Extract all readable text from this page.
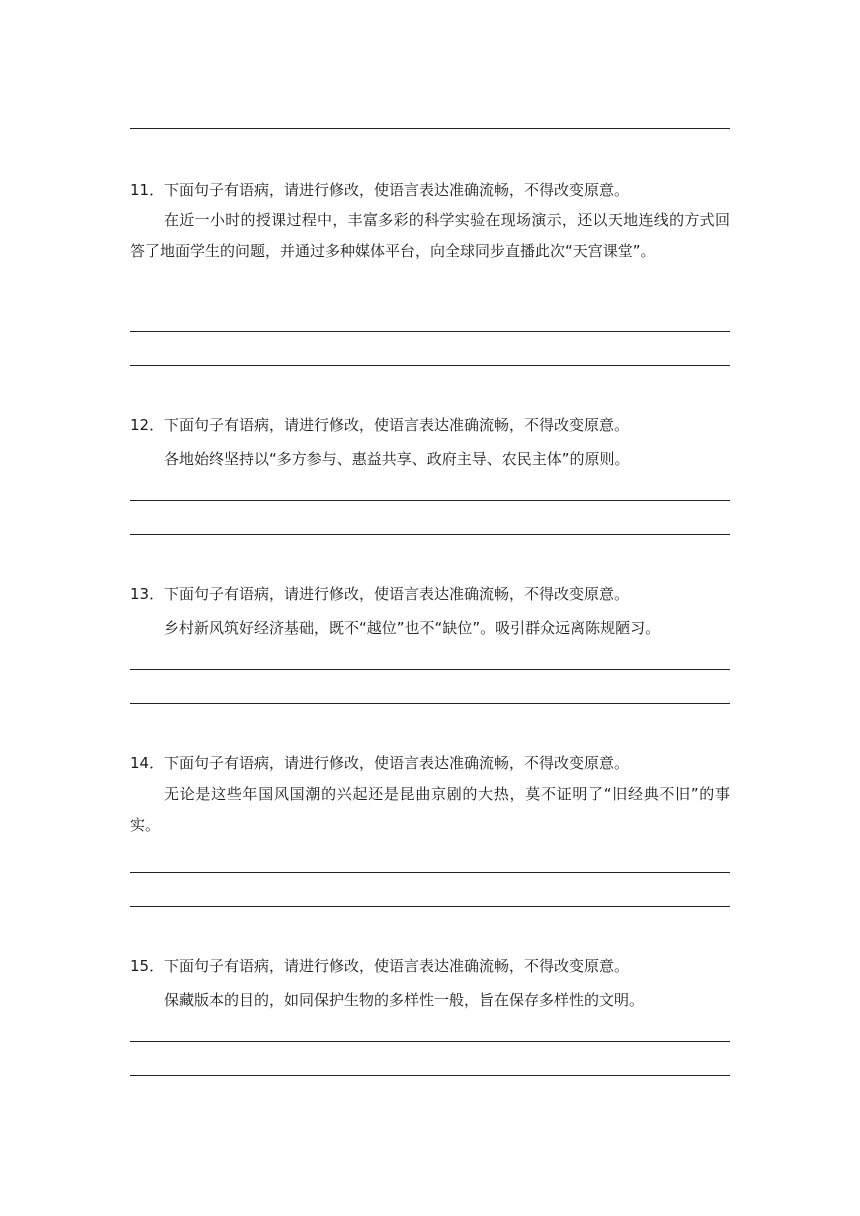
11．下面句子有语病，请进行修改，使语言表达准确流畅，不得改变原意。
在近一小时的授课过程中，丰富多彩的科学实验在现场演示，还以天地连线的方式回答了地面学生的问题，并通过多种媒体平台，向全球同步直播此次“天宫课堂”。
12．下面句子有语病，请进行修改，使语言表达准确流畅，不得改变原意。
各地始终坚持以“多方参与、惠益共享、政府主导、农民主体”的原则。
13．下面句子有语病，请进行修改，使语言表达准确流畅，不得改变原意。
乡村新风筑好经济基础，既不“越位”也不“缺位”。吸引群众远离陈规陋习。
14．下面句子有语病，请进行修改，使语言表达准确流畅，不得改变原意。
无论是这些年国风国潮的兴起还是昆曲京剧的大热，莫不证明了“旧经典不旧”的事实。
15．下面句子有语病，请进行修改，使语言表达准确流畅，不得改变原意。
保藏版本的目的，如同保护生物的多样性一般，旨在保存多样性的文明。
